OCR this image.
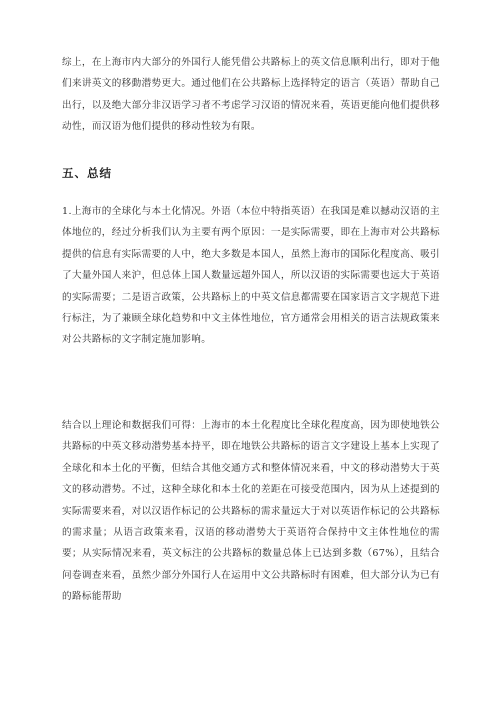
综上，在上海市内大部分的外国行人能凭借公共路标上的英文信息顺利出行，即对于他们来讲英文的移動潜势更大。通过他们在公共路标上选择特定的语言（英语）帮助自己出行，以及绝大部分非汉语学习者不考虑学习汉语的情况来看，英语更能向他们提供移动性，而汉语为他们提供的移动性较为有限。

五、总结

1.上海市的全球化与本土化情况。外语（本位中特指英语）在我国是难以撼动汉语的主体地位的，经过分析我们认为主要有两个原因：一是实际需要，即在上海市对公共路标提供的信息有实际需要的人中，绝大多数是本国人，虽然上海市的国际化程度高、吸引了大量外国人来沪，但总体上国人数量远超外国人，所以汉语的实际需要也远大于英语的实际需要；二是语言政策，公共路标上的中英文信息都需要在国家语言文字规范下进行标注，为了兼顾全球化趋势和中文主体性地位，官方通常会用相关的语言法规政策来对公共路标的文字制定施加影响。

结合以上理论和数据我们可得：上海市的本土化程度比全球化程度高，因为即使地铁公共路标的中英文移动潜势基本持平，即在地铁公共路标的语言文字建设上基本上实现了全球化和本土化的平衡，但结合其他交通方式和整体情况来看，中文的移动潜势大于英文的移动潜势。不过，这种全球化和本土化的差距在可接受范围内，因为从上述提到的实际需要来看，对以汉语作标记的公共路标的需求量远大于对以英语作标记的公共路标的需求量；从语言政策来看，汉语的移动潜势大于英语符合保持中文主体性地位的需要；从实际情况来看，英文标注的公共路标的数量总体上已达到多数（67%），且结合问卷调查来看，虽然少部分外国行人在运用中文公共路标时有困难，但大部分认为已有的路标能帮助
